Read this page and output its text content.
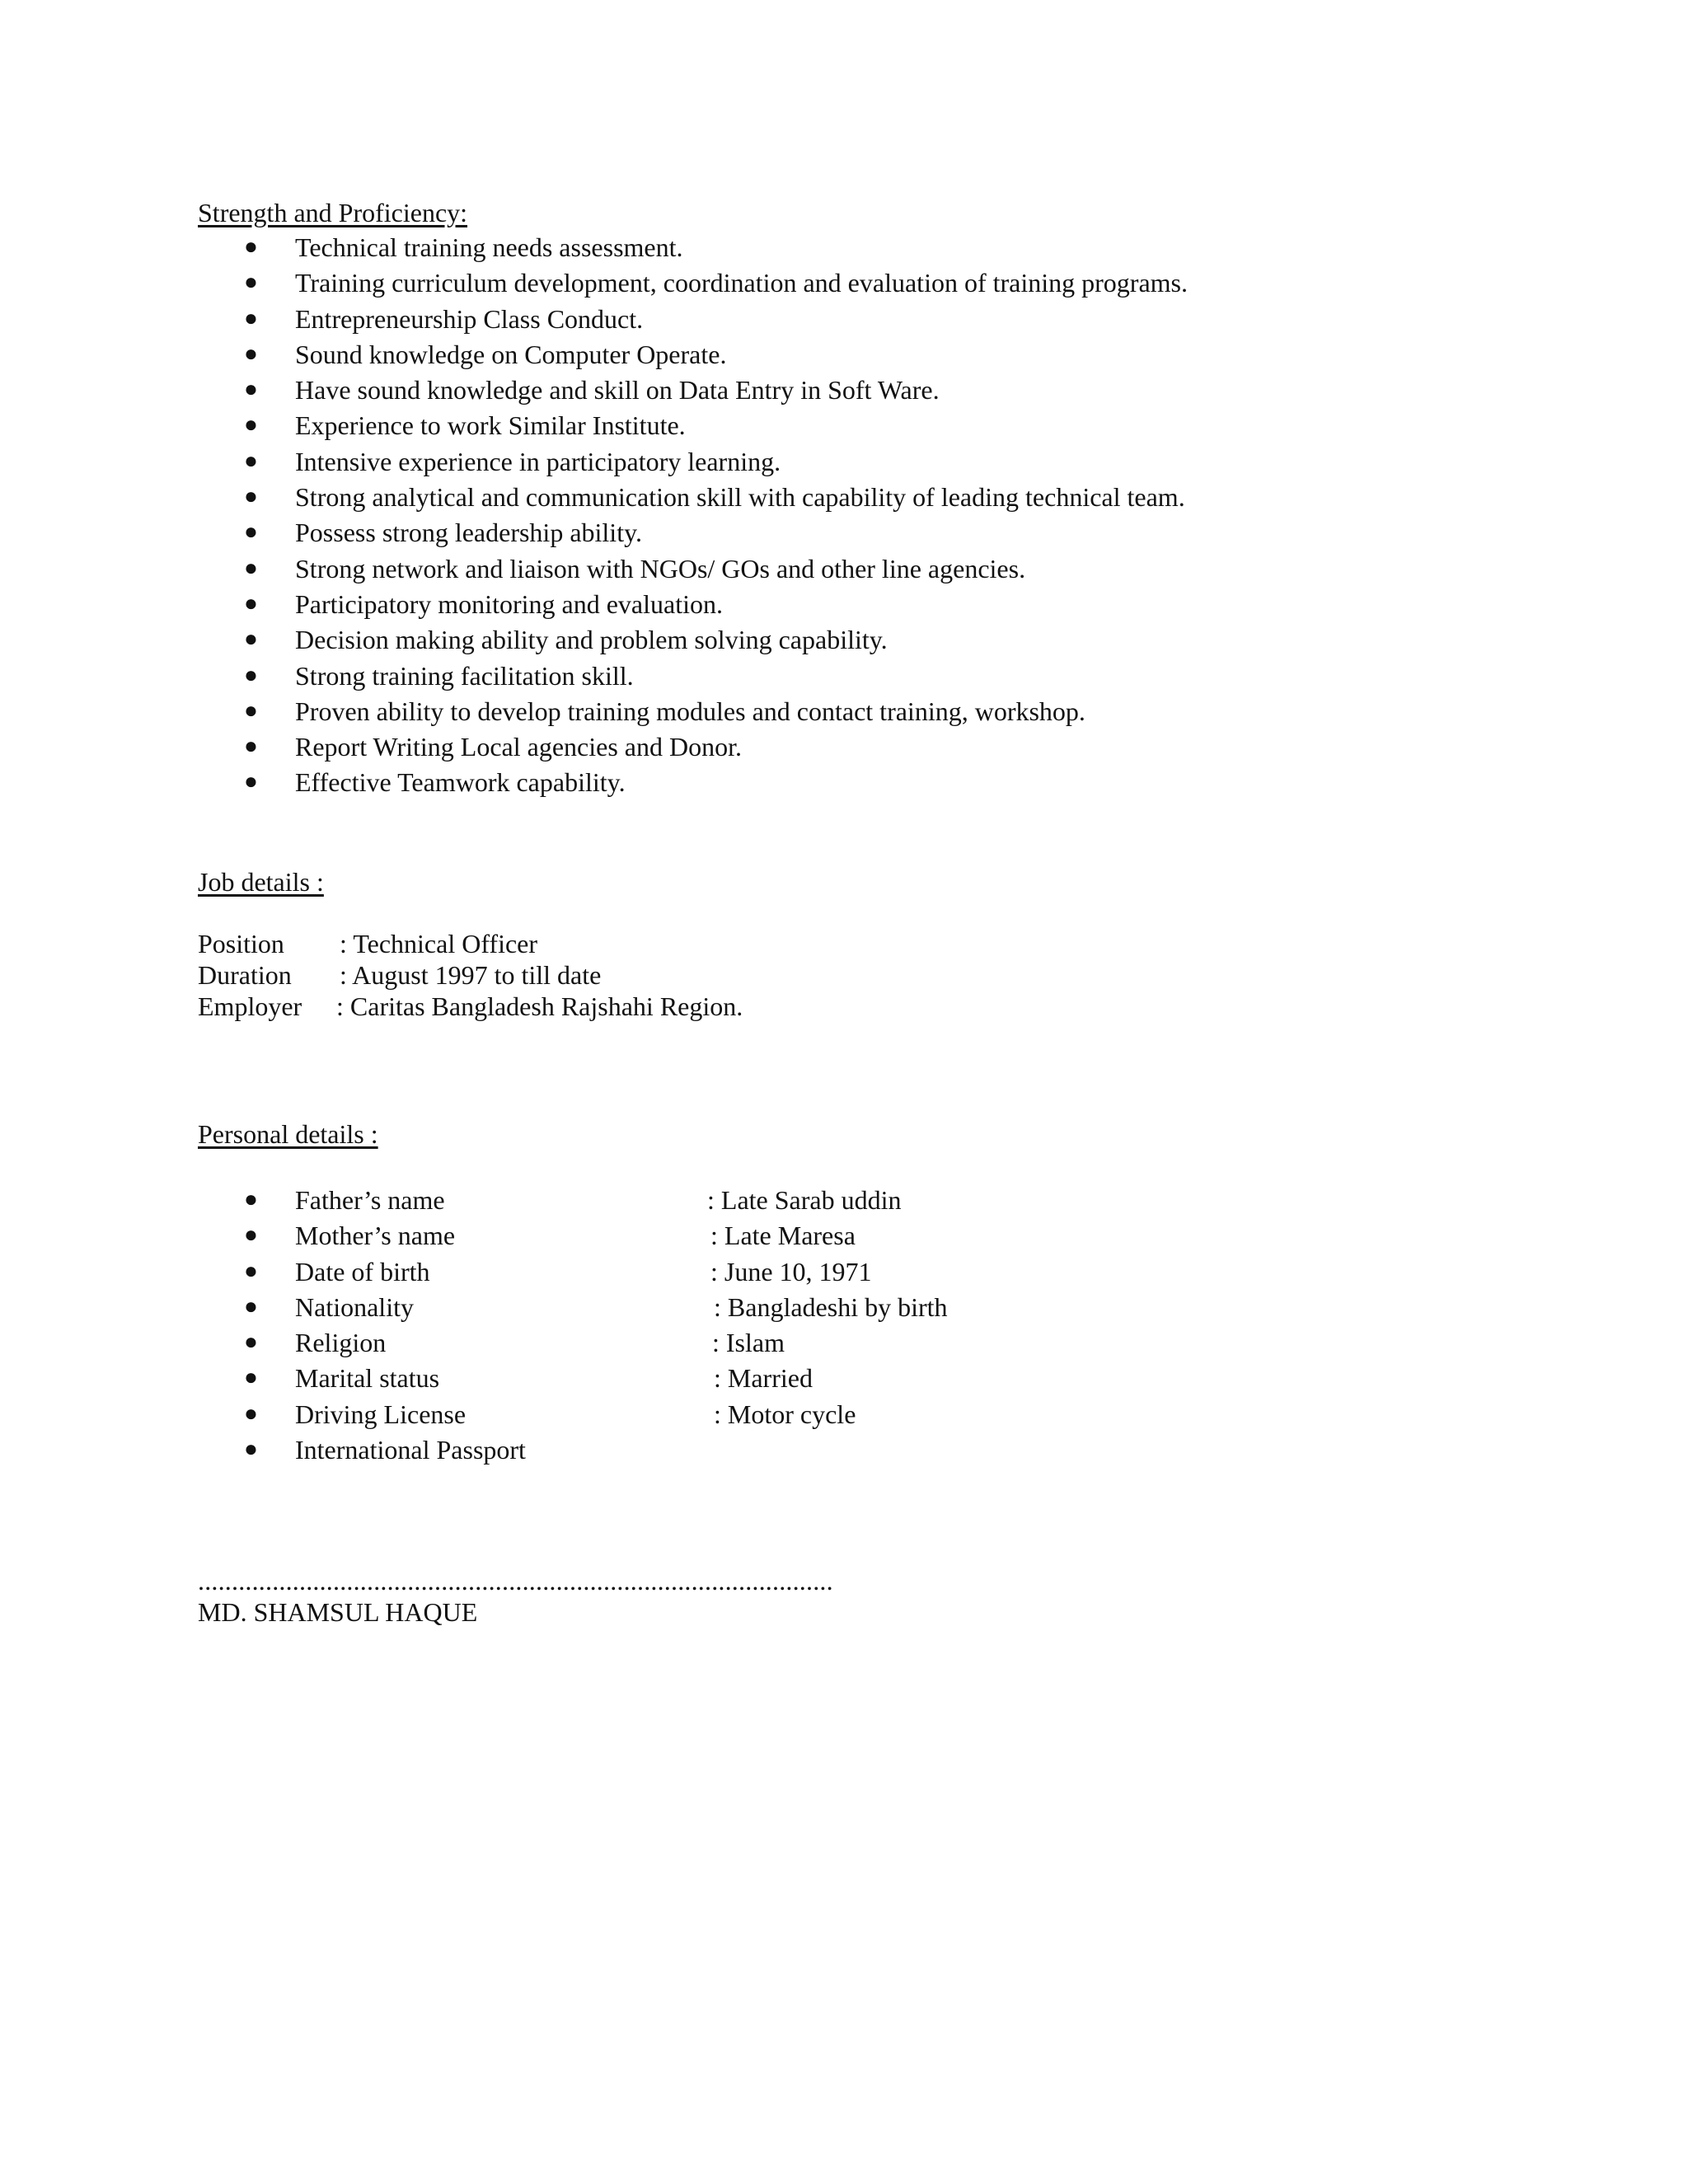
Strength and Proficiency:
● Technical training needs assessment.
● Training curriculum development, coordination and evaluation of training programs.
● Entrepreneurship Class Conduct.
● Sound knowledge on Computer Operate.
● Have sound knowledge and skill on Data Entry in Soft Ware.
● Experience to work Similar Institute.
● Intensive experience in participatory learning.
● Strong analytical and communication skill with capability of leading technical team.
● Possess strong leadership ability.
● Strong network and liaison with NGOs/ GOs and other line agencies.
● Participatory monitoring and evaluation.
● Decision making ability and problem solving capability.
● Strong training facilitation skill.
● Proven ability to develop training modules and contact training, workshop.
● Report Writing Local agencies and Donor.
● Effective Teamwork capability.
Job details :
Position : Technical Officer
Duration : August 1997 to till date
Employer : Caritas Bangladesh Rajshahi Region.
Personal details :
● Father’s name	: Late Sarab uddin
● Mother’s name	: Late Maresa
● Date of birth	: June 10, 1971
● Nationality	: Bangladeshi by birth
● Religion	: Islam
● Marital status	: Married
● Driving License	: Motor cycle
● International Passport
..............................................................................................
MD. SHAMSUL HAQUE
